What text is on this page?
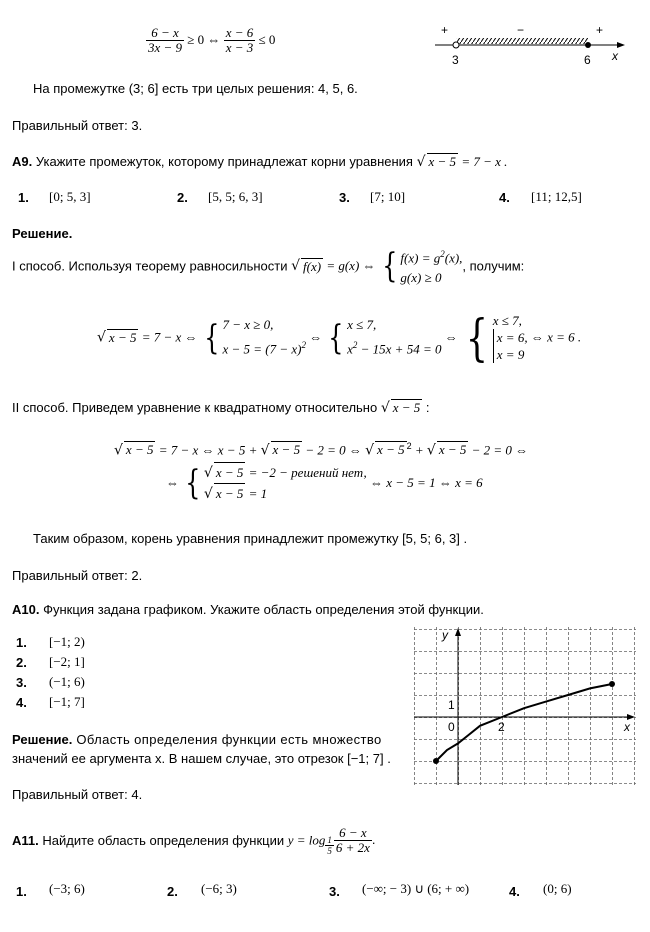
$\frac{6 - x}{3x - 9} \ge 0$ ⇔ $\frac{x - 6}{x - 3} \le 0$
+	−	+
3	6 x
На промежутке (3; 6] есть три целых решения: 4, 5, 6.
Правильный ответ: 3.
А9. Укажите промежуток, которому принадлежат корни уравнения √ x − 5 = 7 − x .
1. [0; 5, 3]	2. [5, 5; 6, 3]	3. [7; 10]	4. [11; 12,5]
Решение.
I способ. Используя теорему равносильности √ f(x) = g(x) ⇔ { $f(x) = g^2(x)$,
g(x) ≥ 0
, получим:
√ x − 5 = 7 − x ⇔ { 7 − x ≥ 0,
$x - 5 = (7 - x)^2$
⇔ { x ≤ 7,
$x^2 - 15x + 54 = 0$
⇔ { x ≤ 7,
x = 6,
x = 9
⇔ x = 6 .
II способ. Приведем уравнение к квадратному относительно √ x − 5 :
√ x − 5 = 7 − x ⇔ x − 5 + √ x − 5 − 2 = 0 ⇔ √ x − 5 $^2$ + √ x − 5 − 2 = 0 ⇔
⇔ { √ x − 5 = −2 − решений нет,
√ x − 5 = 1
⇔ x − 5 = 1 ⇔ x = 6
Таким образом, корень уравнения принадлежит промежутку [5, 5; 6, 3] .
Правильный ответ: 2.
А10. Функция задана графиком. Укажите область определения этой функции.
1. [−1; 2)
2. [−2; 1]
3. (−1; 6)
4. [−1; 7]
Решение. Область определения функции есть множество
значений ее аргумента x. В нашем случае, это отрезок [−1; 7] .
Правильный ответ: 4.
y
x
1
0	2
А11. Найдите область определения функции $y = \log \frac{1}{5} \frac{6 - x}{6 + 2x}$ .
1. (−3; 6)	2. (−6; 3)	3. (−∞; − 3) ∪ (6; + ∞)	4. (0; 6)
